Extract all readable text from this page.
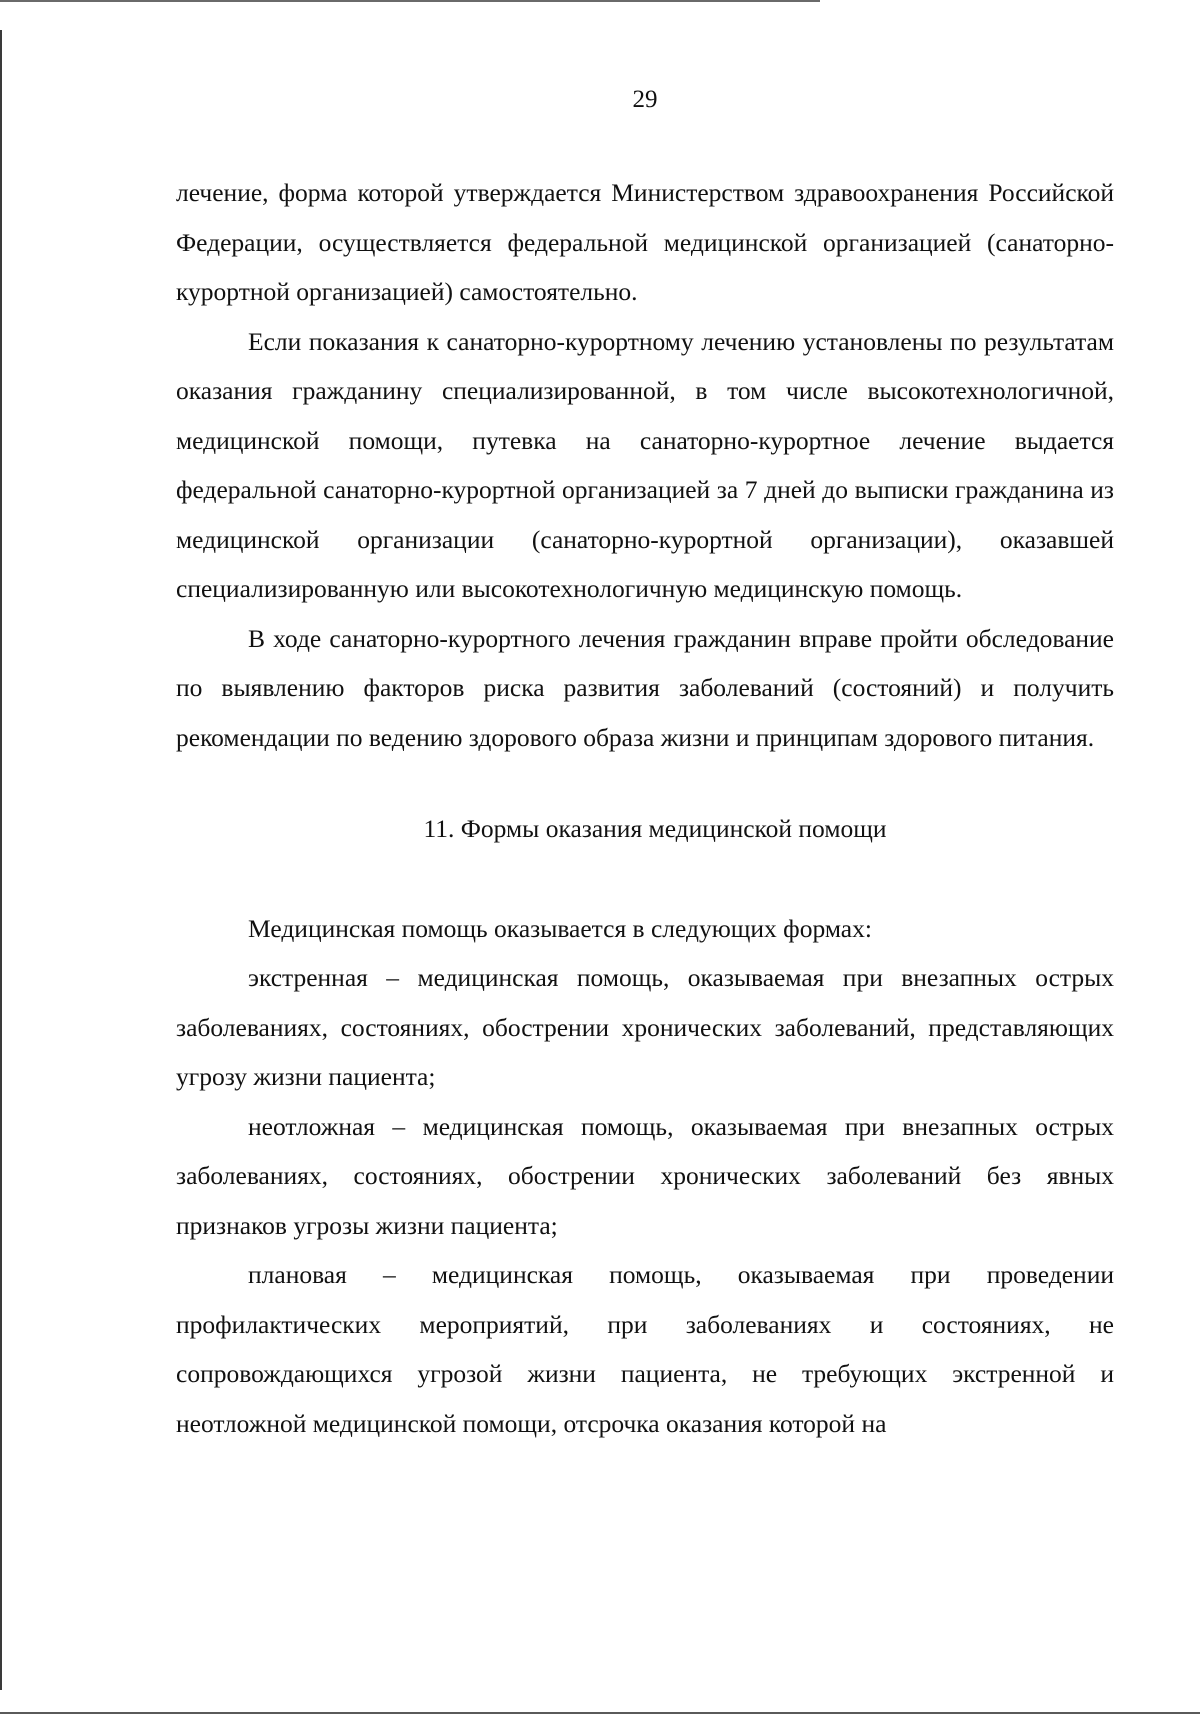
29

лечение, форма которой утверждается Министерством здравоохранения Российской Федерации, осуществляется федеральной медицинской организацией (санаторно-курортной организацией) самостоятельно.

Если показания к санаторно-курортному лечению установлены по результатам оказания гражданину специализированной, в том числе высокотехнологичной, медицинской помощи, путевка на санаторно-курортное лечение выдается федеральной санаторно-курортной организацией за 7 дней до выписки гражданина из медицинской организации (санаторно-курортной организации), оказавшей специализированную или высокотехнологичную медицинскую помощь.

В ходе санаторно-курортного лечения гражданин вправе пройти обследование по выявлению факторов риска развития заболеваний (состояний) и получить рекомендации по ведению здорового образа жизни и принципам здорового питания.

11. Формы оказания медицинской помощи

Медицинская помощь оказывается в следующих формах:

экстренная – медицинская помощь, оказываемая при внезапных острых заболеваниях, состояниях, обострении хронических заболеваний, представляющих угрозу жизни пациента;

неотложная – медицинская помощь, оказываемая при внезапных острых заболеваниях, состояниях, обострении хронических заболеваний без явных признаков угрозы жизни пациента;

плановая – медицинская помощь, оказываемая при проведении профилактических мероприятий, при заболеваниях и состояниях, не сопровождающихся угрозой жизни пациента, не требующих экстренной и неотложной медицинской помощи, отсрочка оказания которой на
